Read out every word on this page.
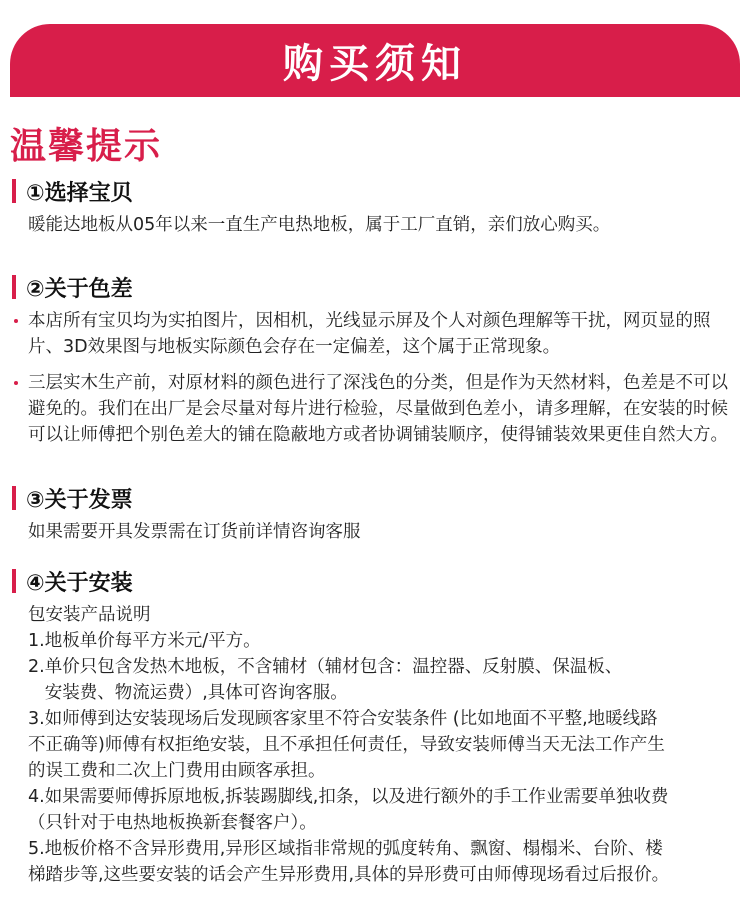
购买须知
温馨提示
①选择宝贝
暖能达地板从05年以来一直生产电热地板，属于工厂直销，亲们放心购买。
②关于色差
本店所有宝贝均为实拍图片，因相机，光线显示屏及个人对颜色理解等干扰，网页显的照片、3D效果图与地板实际颜色会存在一定偏差，这个属于正常现象。
三层实木生产前，对原材料的颜色进行了深浅色的分类，但是作为天然材料，色差是不可以避免的。我们在出厂是会尽量对每片进行检验，尽量做到色差小，请多理解，在安装的时候可以让师傅把个别色差大的铺在隐蔽地方或者协调铺装顺序，使得铺装效果更佳自然大方。
③关于发票
如果需要开具发票需在订货前详情咨询客服
④关于安装
包安装产品说明
1.地板单价每平方米元/平方。
2.单价只包含发热木地板，不含辅材（辅材包含：温控器、反射膜、保温板、
安装费、物流运费）,具体可咨询客服。
3.如师傅到达安装现场后发现顾客家里不符合安装条件 (比如地面不平整,地暖线路
不正确等)师傅有权拒绝安装，且不承担任何责任，导致安装师傅当天无法工作产生
的误工费和二次上门费用由顾客承担。
4.如果需要师傅拆原地板,拆装踢脚线,扣条，以及进行额外的手工作业需要单独收费
（只针对于电热地板换新套餐客户）。
5.地板价格不含异形费用,异形区域指非常规的弧度转角、飘窗、榻榻米、台阶、楼
梯踏步等,这些要安装的话会产生异形费用,具体的异形费可由师傅现场看过后报价。
